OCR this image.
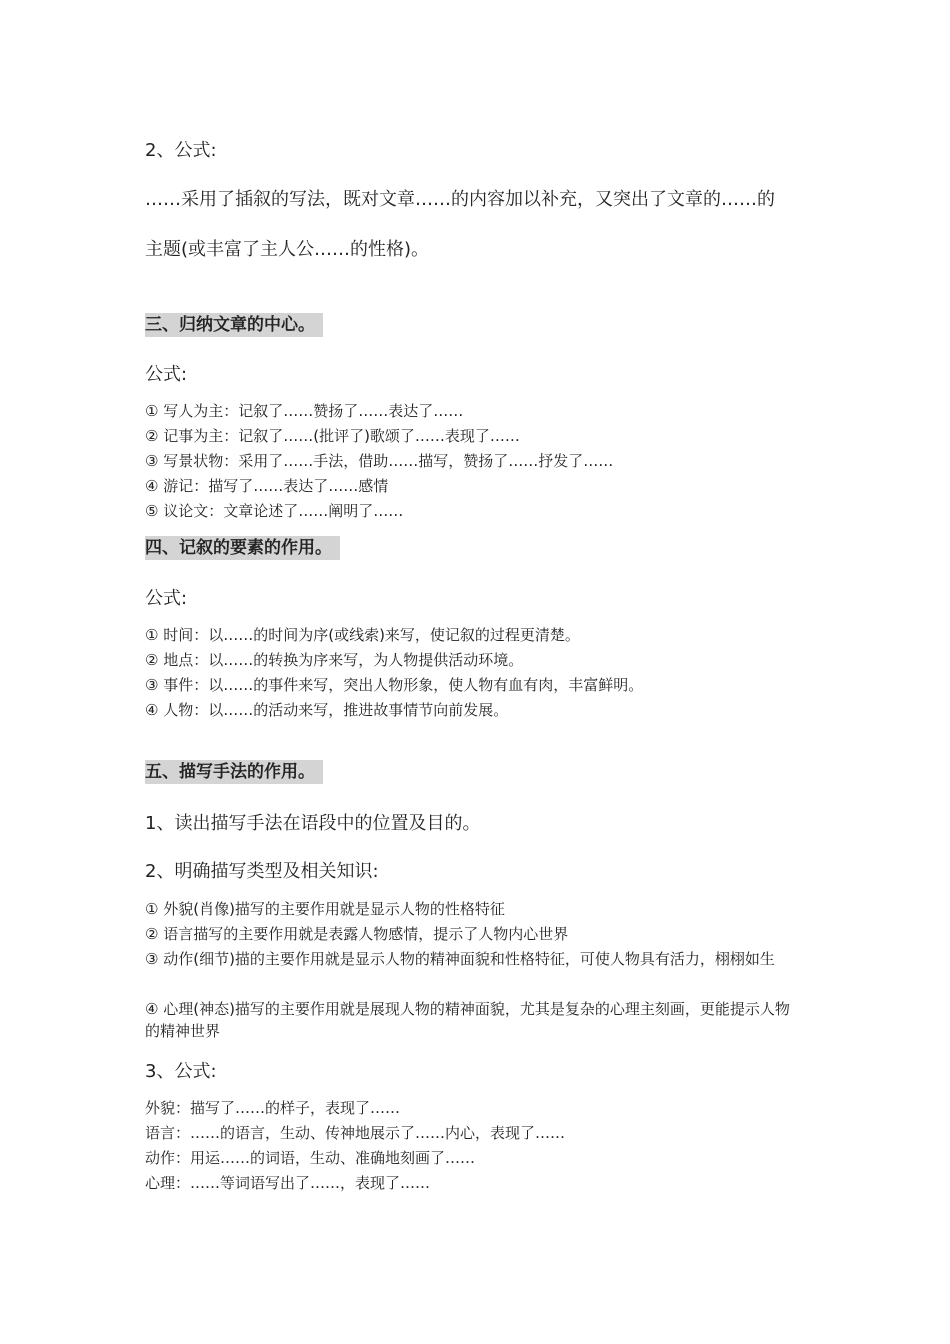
2、公式:
……采用了插叙的写法，既对文章……的内容加以补充，又突出了文章的……的
主题(或丰富了主人公……的性格)。
三、归纳文章的中心。
公式:
① 写人为主：记叙了……赞扬了……表达了……
② 记事为主：记叙了……(批评了)歌颂了……表现了……
③ 写景状物：采用了……手法，借助……描写，赞扬了……抒发了……
④ 游记：描写了……表达了……感情
⑤ 议论文：文章论述了……阐明了……
四、记叙的要素的作用。
公式:
① 时间：以……的时间为序(或线索)来写，使记叙的过程更清楚。
② 地点：以……的转换为序来写，为人物提供活动环境。
③ 事件：以……的事件来写，突出人物形象，使人物有血有肉，丰富鲜明。
④ 人物：以……的活动来写，推进故事情节向前发展。
五、描写手法的作用。
1、读出描写手法在语段中的位置及目的。
2、明确描写类型及相关知识:
① 外貌(肖像)描写的主要作用就是显示人物的性格特征
② 语言描写的主要作用就是表露人物感情，提示了人物内心世界
③ 动作(细节)描的主要作用就是显示人物的精神面貌和性格特征，可使人物具有活力，栩栩如生
④ 心理(神态)描写的主要作用就是展现人物的精神面貌，尤其是复杂的心理主刻画，更能提示人物的精神世界
3、公式:
外貌：描写了……的样子，表现了……
语言：……的语言，生动、传神地展示了……内心，表现了……
动作：用运……的词语，生动、准确地刻画了……
心理：……等词语写出了……，表现了……
